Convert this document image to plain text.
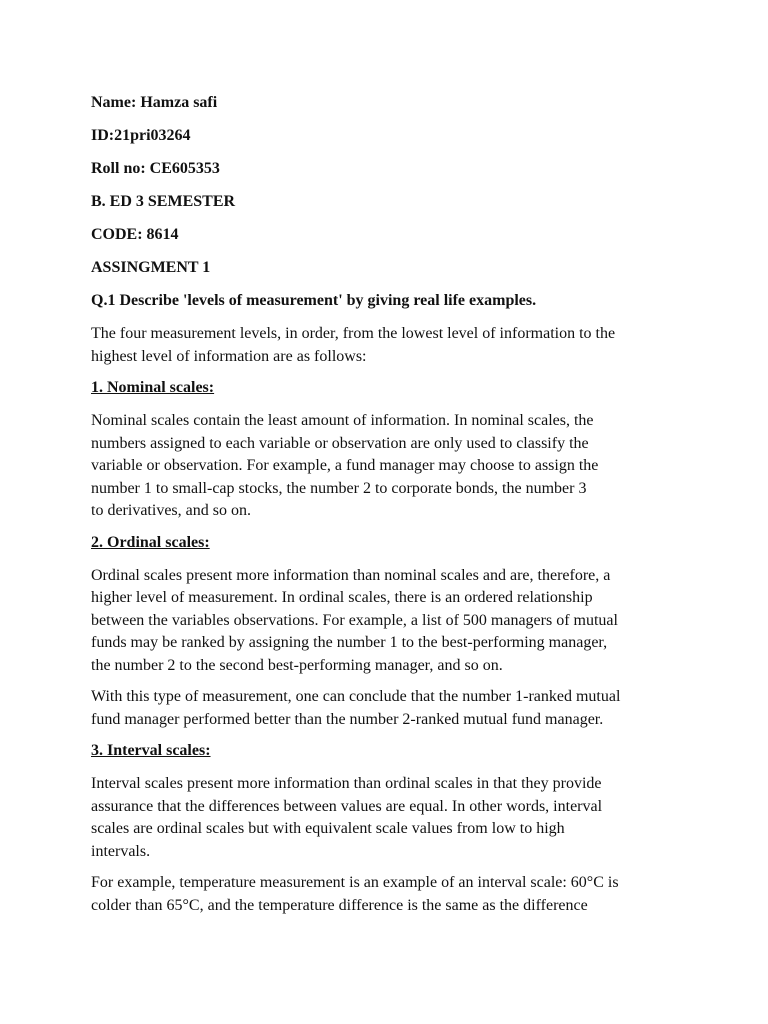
Name: Hamza safi
ID:21pri03264
Roll no: CE605353
B. ED 3 SEMESTER
CODE: 8614
ASSINGMENT 1
Q.1 Describe 'levels of measurement' by giving real life examples.
The four measurement levels, in order, from the lowest level of information to the
highest level of information are as follows:
1. Nominal scales:
Nominal scales contain the least amount of information. In nominal scales, the
numbers assigned to each variable or observation are only used to classify the
variable or observation. For example, a fund manager may choose to assign the
number 1 to small-cap stocks, the number 2 to corporate bonds, the number 3
to derivatives, and so on.
2. Ordinal scales:
Ordinal scales present more information than nominal scales and are, therefore, a
higher level of measurement. In ordinal scales, there is an ordered relationship
between the variables observations. For example, a list of 500 managers of mutual
funds may be ranked by assigning the number 1 to the best-performing manager,
the number 2 to the second best-performing manager, and so on.
With this type of measurement, one can conclude that the number 1-ranked mutual
fund manager performed better than the number 2-ranked mutual fund manager.
3. Interval scales:
Interval scales present more information than ordinal scales in that they provide
assurance that the differences between values are equal. In other words, interval
scales are ordinal scales but with equivalent scale values from low to high
intervals.
For example, temperature measurement is an example of an interval scale: 60°C is
colder than 65°C, and the temperature difference is the same as the difference
